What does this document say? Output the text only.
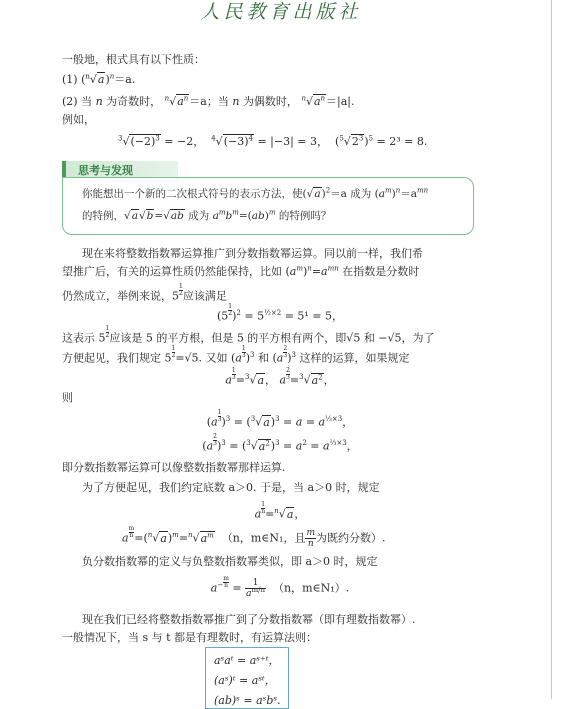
人民教育出版社
一般地，根式具有以下性质：
(1) $(^n√a)^n=a$.
(2) 当 n 为奇数时， $^n√a^n=a$；当 n 为偶数时， $^n√a^n=|a|$.
例如，
$^3√(-2)^3 = -2$， $^4√(-3)^4 = |-3| = 3$，  $(^5√2^3)^5 = 2^3 = 8$.
思考与发现
你能想出一个新的二次根式符号的表示方法，使$(√a)^2=a$ 成为 $(a^m)^n=a^{mn}$
的特例，√a√b=√ab 成为 $a^mb^m=(ab)^m$ 的特例吗？
现在来将整数指数幂运算推广到分数指数幂运算。同以前一样，我们希
望推广后，有关的运算性质仍然能保持，比如 $(a^m)^n=a^{mn}$ 在指数是分数时
仍然成立，举例来说，$5 \frac{1}{2}$ 应该满足
$(5 \frac{1}{2} )^2 = 5^{\frac{1}{2}\times 2} = 5^1 = 5$，
这表示 $5 \frac{1}{2}$ 应该是 5 的平方根，但是 5 的平方根有两个，即√5 和 −√5，为了
方便起见，我们规定 $5 \frac{1}{2} =√5$. 又如 $(a \frac{1}{3} )^3$ 和 $(a \frac{2}{3} )^3$ 这样的运算，如果规定
a $\frac{1}{3} =^3√a$， a $\frac{2}{3} =^3√a^2$，
则
$(a \frac{1}{3} )^3 = (^3√a)^3 = a = a^{\frac{1}{3}\times 3}$，
$(a \frac{2}{3} )^3 = (^3√a^2)^3 = a^2 = a^{\frac{2}{3}\times 3}$，
即分数指数幂运算可以像整数指数幂那样运算.
为了方便起见，我们约定底数 a＞0. 于是，当 a＞0 时，规定
a $\frac{1}{n} =^n√a$，
a $\frac{m}{n} =(^n√a)^m=^n√a^m$ （n，m∈N₁，且 $\frac{m}{n}$ 为既约分数）.
负分数指数幂的定义与负整数指数幂类似，即 a＞0 时，规定
$a^- \frac{m}{n} = \frac{1}{a^{m/n}} (n$，m∈N₁）.
现在我们已经将整数指数幂推广到了分数指数幂（即有理数指数幂）.
一般情况下，当 s 与 t 都是有理数时，有运算法则：
aˢaᵗ = aˢ⁺ᵗ，
(aˢ)ᵗ = aˢᵗ，
(ab)ˢ = aˢbˢ.
